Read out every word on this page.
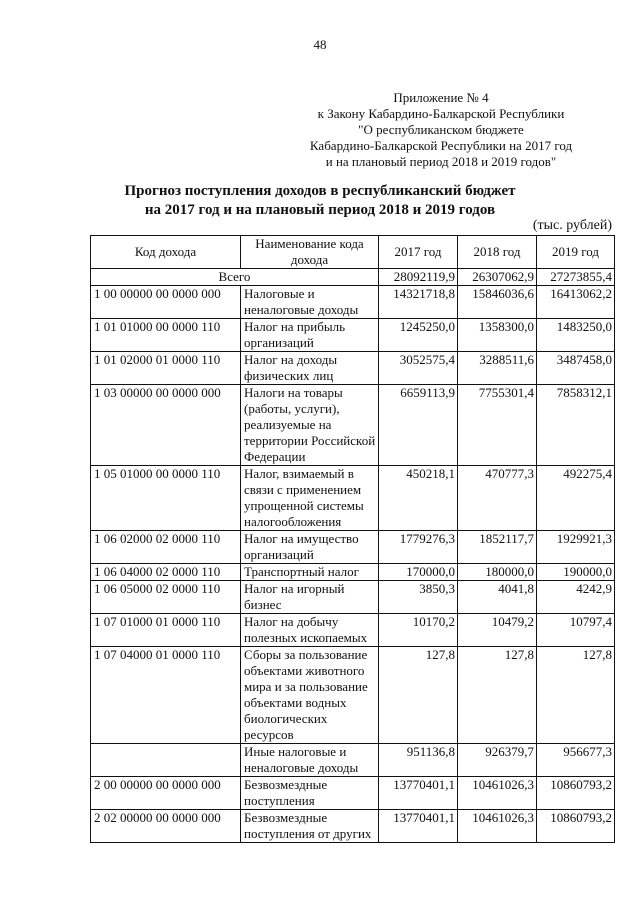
48
Приложение № 4
к Закону Кабардино-Балкарской Республики
"О республиканском бюджете
Кабардино-Балкарской Республики на 2017 год
и на плановый период 2018 и 2019 годов"
Прогноз поступления доходов в республиканский бюджет
на 2017 год и на плановый период 2018 и 2019 годов
(тыс. рублей)
Код дохода	Наименование кода дохода	2017 год	2018 год	2019 год
Всего		28092119,9	26307062,9	27273855,4
1 00 00000 00 0000 000	Налоговые и неналоговые доходы	14321718,8	15846036,6	16413062,2
1 01 01000 00 0000 110	Налог на прибыль организаций	1245250,0	1358300,0	1483250,0
1 01 02000 01 0000 110	Налог на доходы физических лиц	3052575,4	3288511,6	3487458,0
1 03 00000 00 0000 000	Налоги на товары (работы, услуги), реализуемые на территории Российской Федерации	6659113,9	7755301,4	7858312,1
1 05 01000 00 0000 110	Налог, взимаемый в связи с применением упрощенной системы налогообложения	450218,1	470777,3	492275,4
1 06 02000 02 0000 110	Налог на имущество организаций	1779276,3	1852117,7	1929921,3
1 06 04000 02 0000 110	Транспортный налог	170000,0	180000,0	190000,0
1 06 05000 02 0000 110	Налог на игорный бизнес	3850,3	4041,8	4242,9
1 07 01000 01 0000 110	Налог на добычу полезных ископаемых	10170,2	10479,2	10797,4
1 07 04000 01 0000 110	Сборы за пользование объектами животного мира и за пользование объектами водных биологических ресурсов	127,8	127,8	127,8
	Иные налоговые и неналоговые доходы	951136,8	926379,7	956677,3
2 00 00000 00 0000 000	Безвозмездные поступления	13770401,1	10461026,3	10860793,2
2 02 00000 00 0000 000	Безвозмездные поступления от других	13770401,1	10461026,3	10860793,2
